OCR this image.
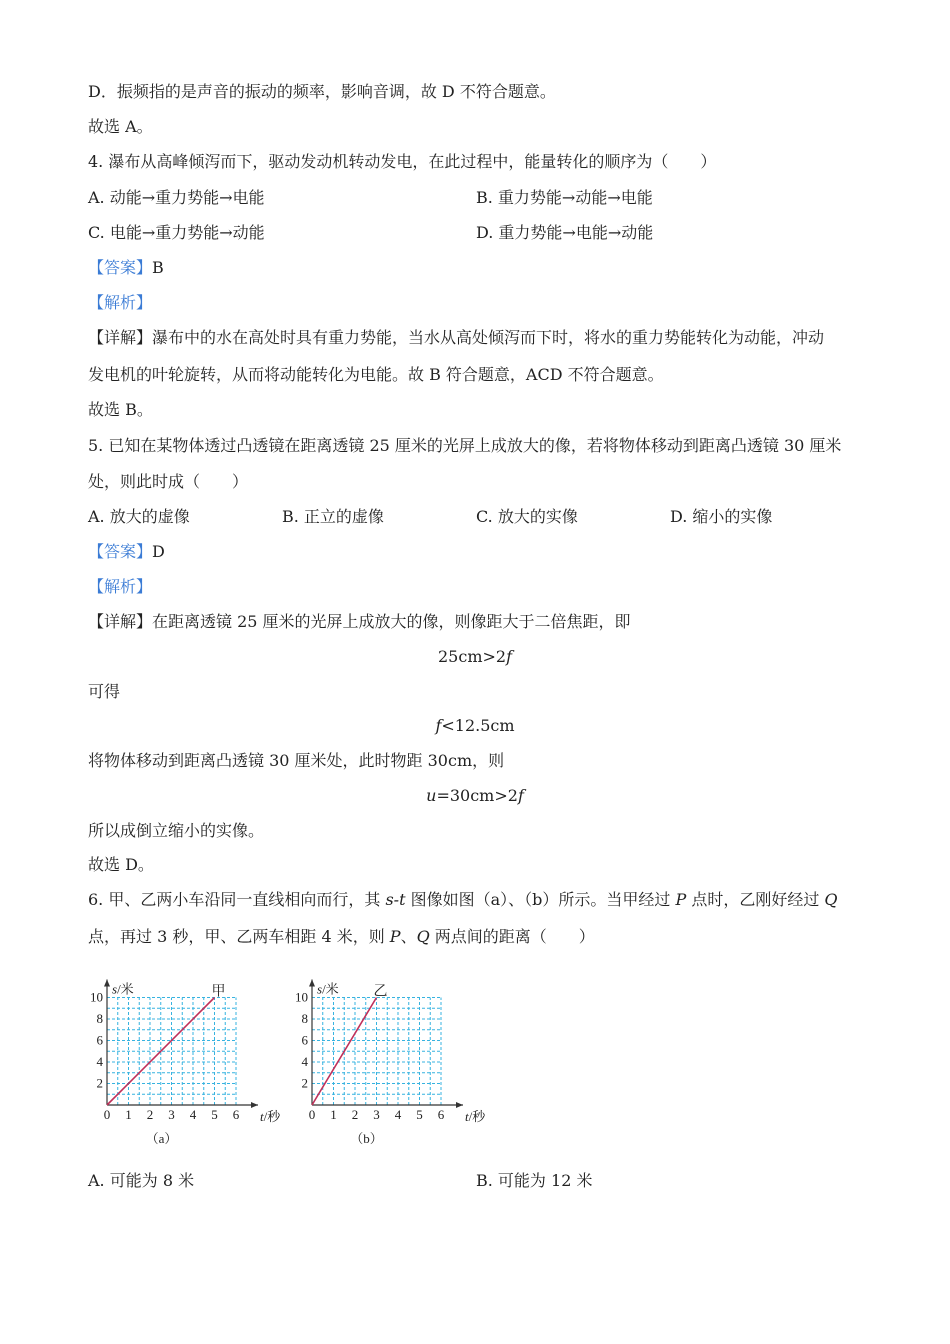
D．振频指的是声音的振动的频率，影响音调，故 D 不符合题意。
故选 A。
4. 瀑布从高峰倾泻而下，驱动发动机转动发电，在此过程中，能量转化的顺序为（　　）
A. 动能→重力势能→电能	B. 重力势能→动能→电能
C. 电能→重力势能→动能	D. 重力势能→电能→动能
【答案】B
【解析】
【详解】瀑布中的水在高处时具有重力势能，当水从高处倾泻而下时，将水的重力势能转化为动能，冲动
发电机的叶轮旋转，从而将动能转化为电能。故 B 符合题意，ACD 不符合题意。
故选 B。
5. 已知在某物体透过凸透镜在距离透镜 25 厘米的光屏上成放大的像，若将物体移动到距离凸透镜 30 厘米
处，则此时成（　　）
A. 放大的虚像	B. 正立的虚像	C. 放大的实像	D. 缩小的实像
【答案】D
【解析】
【详解】在距离透镜 25 厘米的光屏上成放大的像，则像距大于二倍焦距，即
25cm>2f
可得
f<12.5cm
将物体移动到距离凸透镜 30 厘米处，此时物距 30cm，则
u=30cm>2f
所以成倒立缩小的实像。
故选 D。
6. 甲、乙两小车沿同一直线相向而行，其 s-t 图像如图（a）、（b）所示。当甲经过 P 点时，乙刚好经过 Q
点，再过 3 秒，甲、乙两车相距 4 米，则 P、Q 两点间的距离（　　）
0 1 2 3 4 5 6
2
4
6
8
10
s/米
t/秒
甲
（a）
0 1 2 3 4 5 6
2
4
6
8
10
s/米
t/秒
乙
（b）
A. 可能为 8 米	B. 可能为 12 米
